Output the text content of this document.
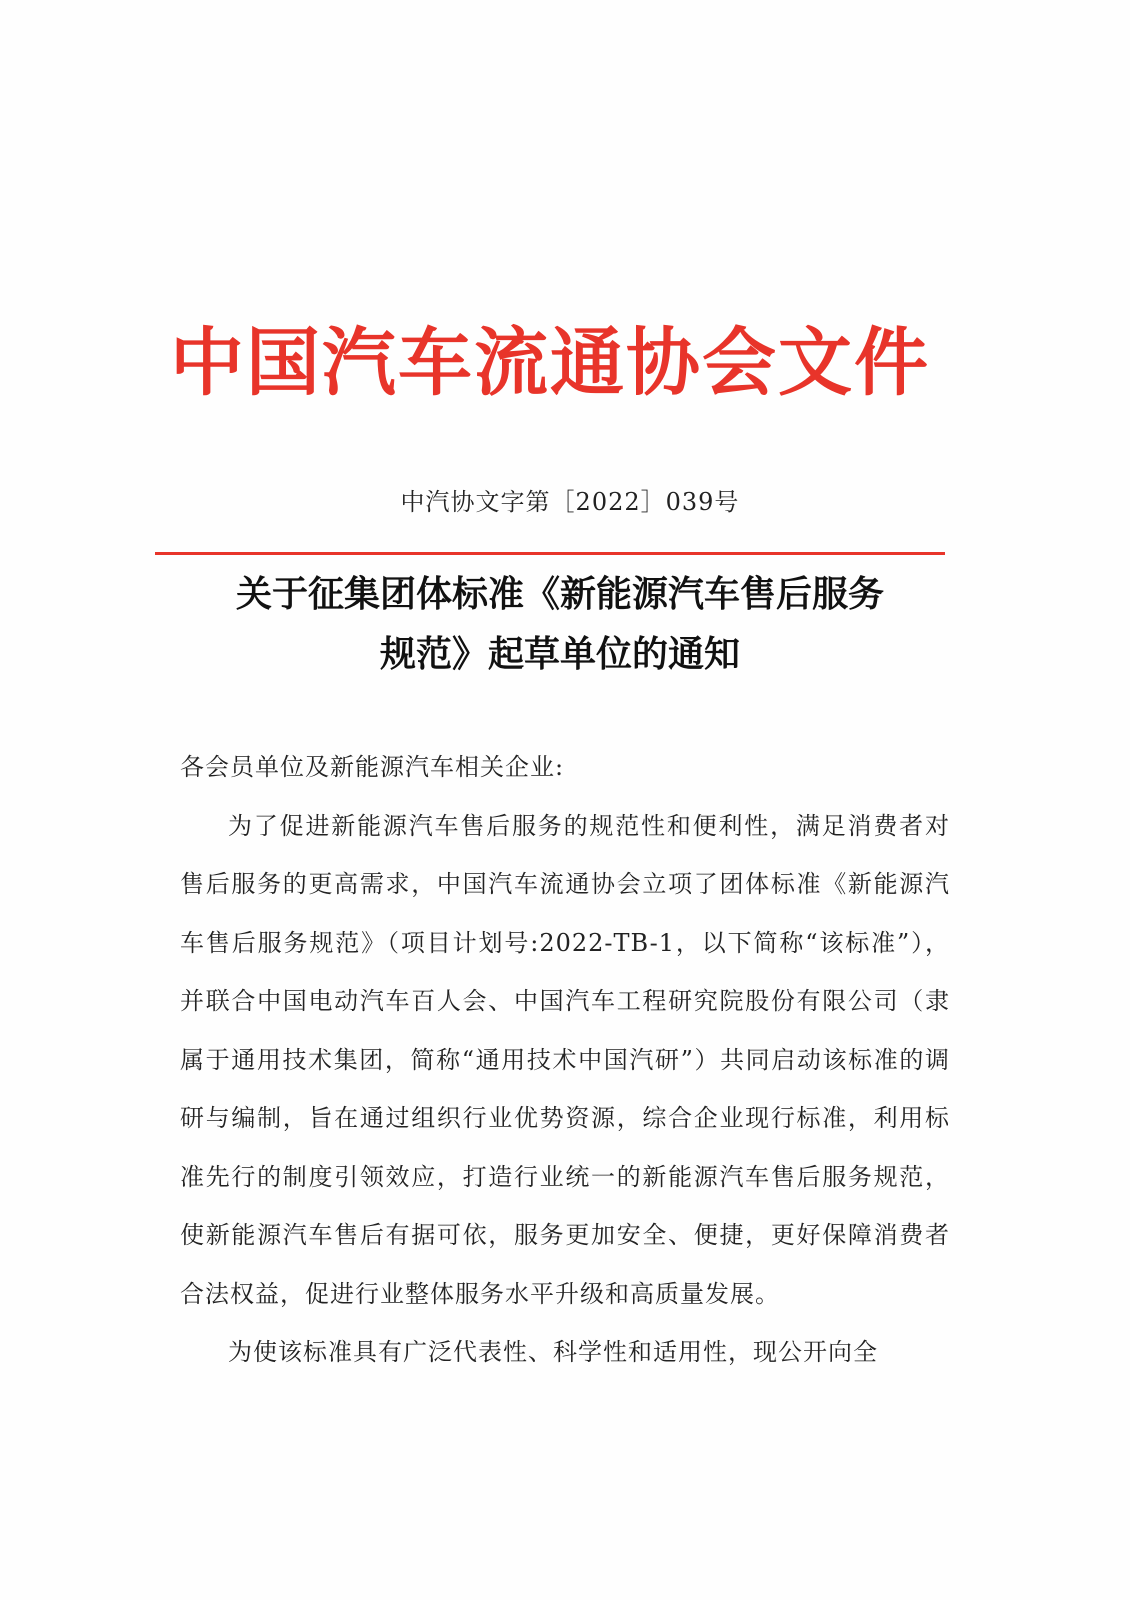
中国汽车流通协会文件
中汽协文字第［2022］039号
关于征集团体标准《新能源汽车售后服务
规范》起草单位的通知

各会员单位及新能源汽车相关企业:

为了促进新能源汽车售后服务的规范性和便利性，满足消费者对售后服务的更高需求，中国汽车流通协会立项了团体标准《新能源汽车售后服务规范》（项目计划号:2022-TB-1，以下简称“该标准”），并联合中国电动汽车百人会、中国汽车工程研究院股份有限公司（隶属于通用技术集团，简称“通用技术中国汽研”）共同启动该标准的调研与编制，旨在通过组织行业优势资源，综合企业现行标准，利用标准先行的制度引领效应，打造行业统一的新能源汽车售后服务规范，使新能源汽车售后有据可依，服务更加安全、便捷，更好保障消费者合法权益，促进行业整体服务水平升级和高质量发展。

为使该标准具有广泛代表性、科学性和适用性，现公开向全
